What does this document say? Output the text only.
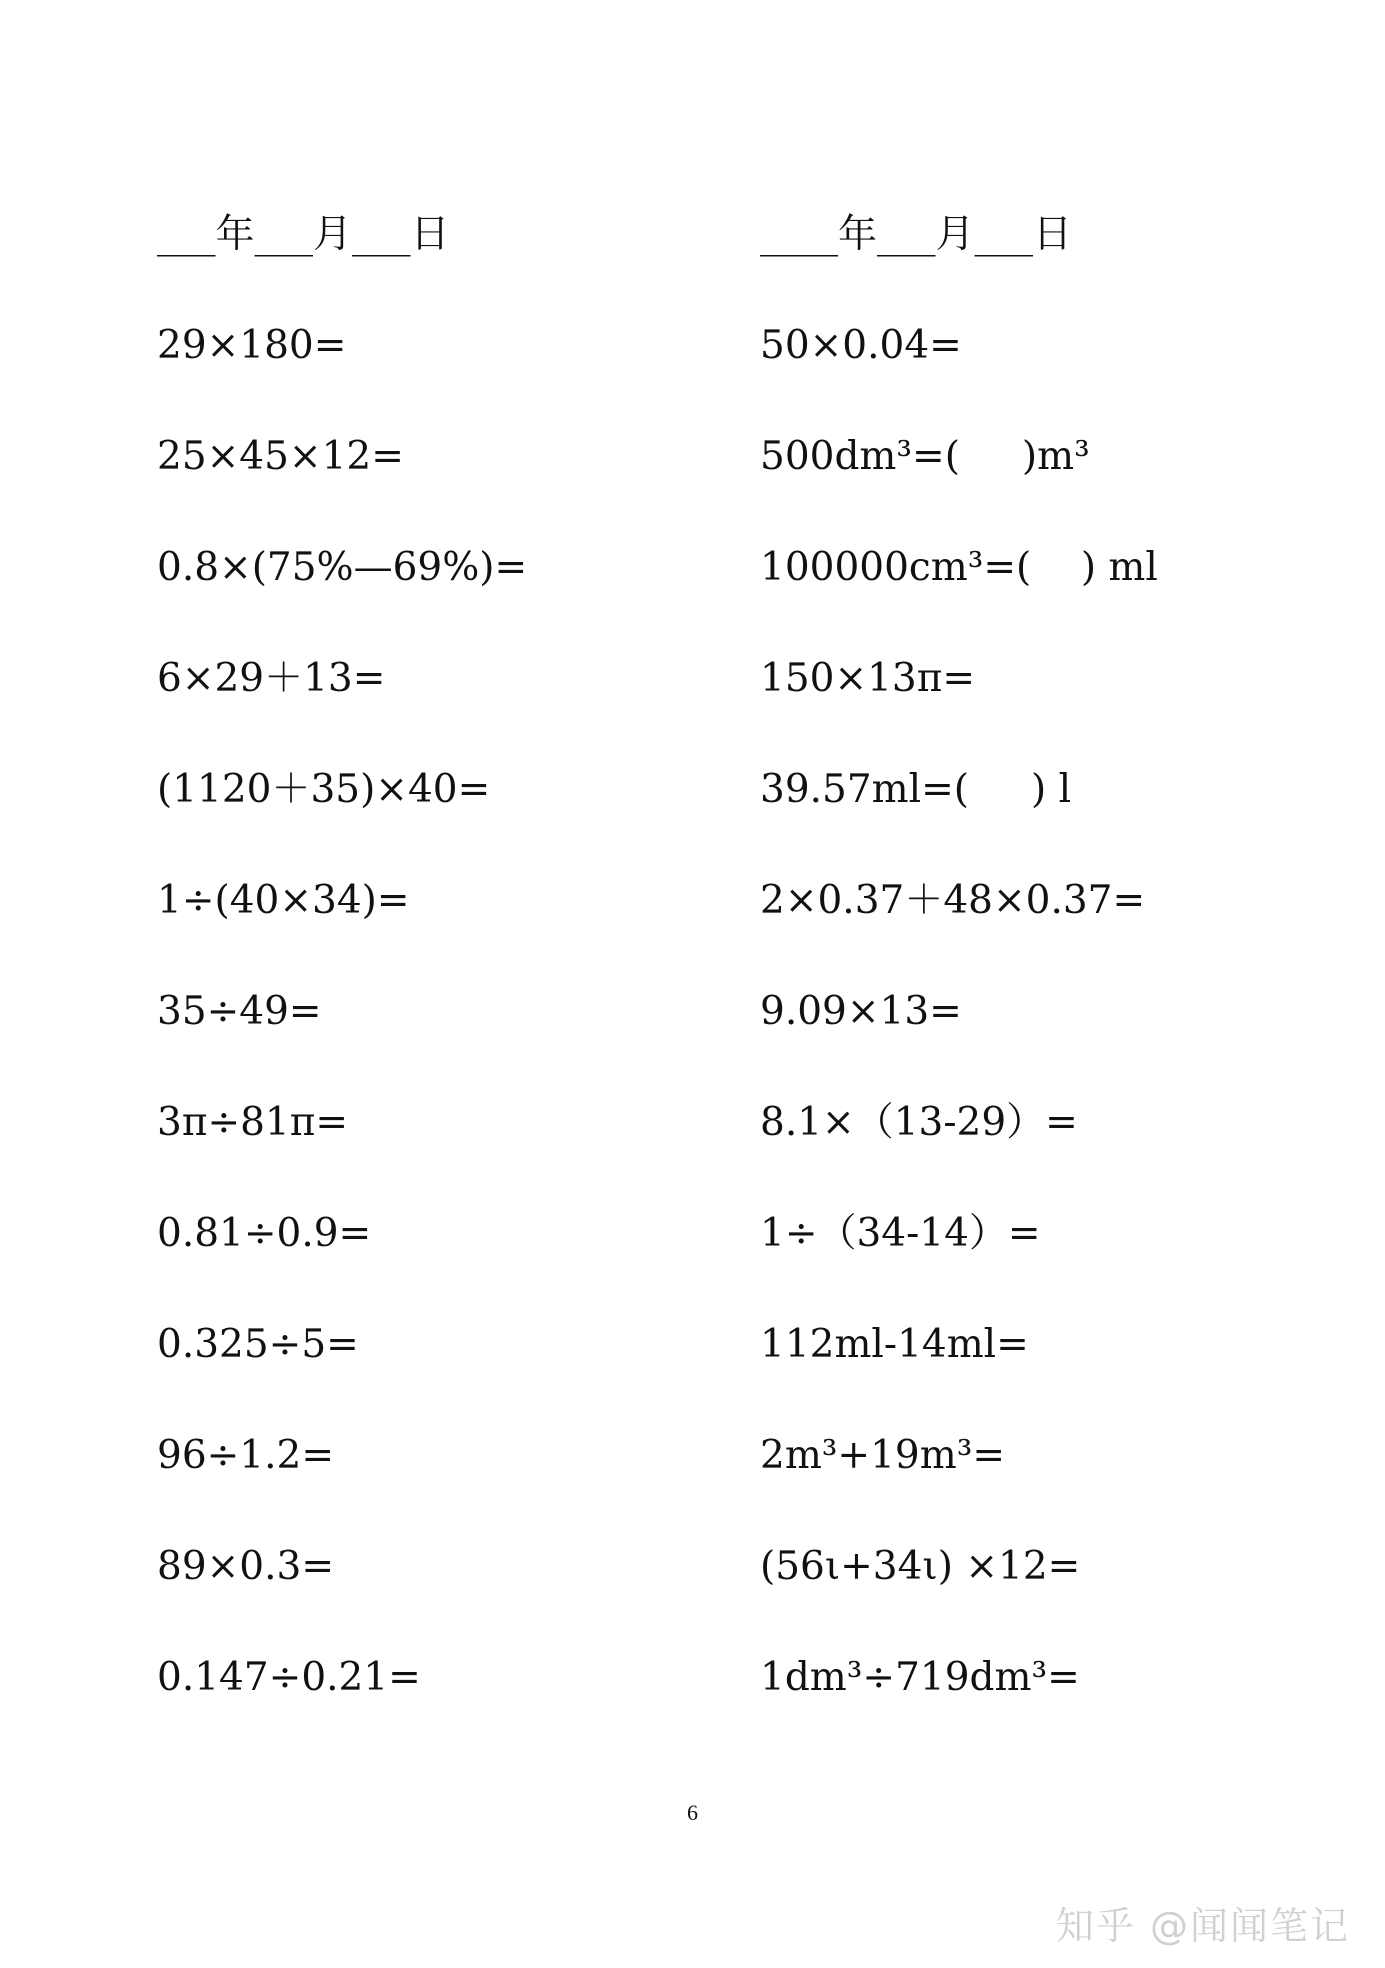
___年___月___日
29×180=
25×45×12=
0.8×(75%—69%)=
6×29＋13=
(1120＋35)×40=
1÷(40×34)=
35÷49=
3π÷81π=
0.81÷0.9=
0.325÷5=
96÷1.2=
89×0.3=
0.147÷0.21=
____年___月___日
50×0.04=
500dm³=(     )m³
100000cm³=(    ) ml
150×13π=
39.57ml=(     ) l
2×0.37＋48×0.37=
9.09×13=
8.1×（13-29）=
1÷（34-14）=
112ml-14ml=
2m³+19m³=
(56ι+34ι) ×12=
1dm³÷719dm³=
6
知乎 @闻闻笔记
